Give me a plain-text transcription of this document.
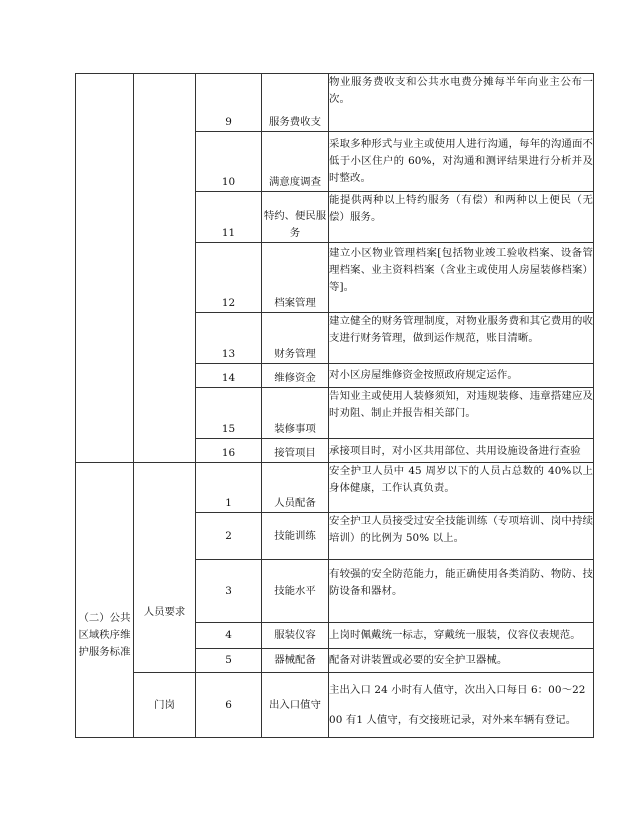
		9	服务费收支	物业服务费收支和公共水电费分摊每半年向业主公布一次。
		10	满意度调查	采取多种形式与业主或使用人进行沟通，每年的沟通面不低于小区住户的 60%，对沟通和测评结果进行分析并及时整改。
		11	特约、便民服务	能提供两种以上特约服务（有偿）和两种以上便民（无偿）服务。
		12	档案管理	建立小区物业管理档案[包括物业竣工验收档案、设备管理档案、业主资料档案（含业主或使用人房屋装修档案）等]。
		13	财务管理	建立健全的财务管理制度，对物业服务费和其它费用的收支进行财务管理，做到运作规范，账目清晰。
		14	维修资金	对小区房屋维修资金按照政府规定运作。
		15	装修事项	告知业主或使用人装修须知，对违规装修、违章搭建应及时劝阻、制止并报告相关部门。
		16	接管项目	承接项目时，对小区共用部位、共用设施设备进行查验
（二）公共区域秩序维护服务标准	人员要求	1	人员配备	安全护卫人员中 45 周岁以下的人员占总数的 40%以上身体健康，工作认真负责。
		2	技能训练	安全护卫人员接受过安全技能训练（专项培训、岗中持续培训）的比例为 50% 以上。
		3	技能水平	有较强的安全防范能力，能正确使用各类消防、物防、技防设备和器材。
		4	服装仪容	上岗时佩戴统一标志，穿戴统一服装，仪容仪表规范。
		5	器械配备	配备对讲装置或必要的安全护卫器械。
	门岗	6	出入口值守	主出入口 24 小时有人值守，次出入口每日 6：00～22
00 有1 人值守，有交接班记录，对外来车辆有登记。
